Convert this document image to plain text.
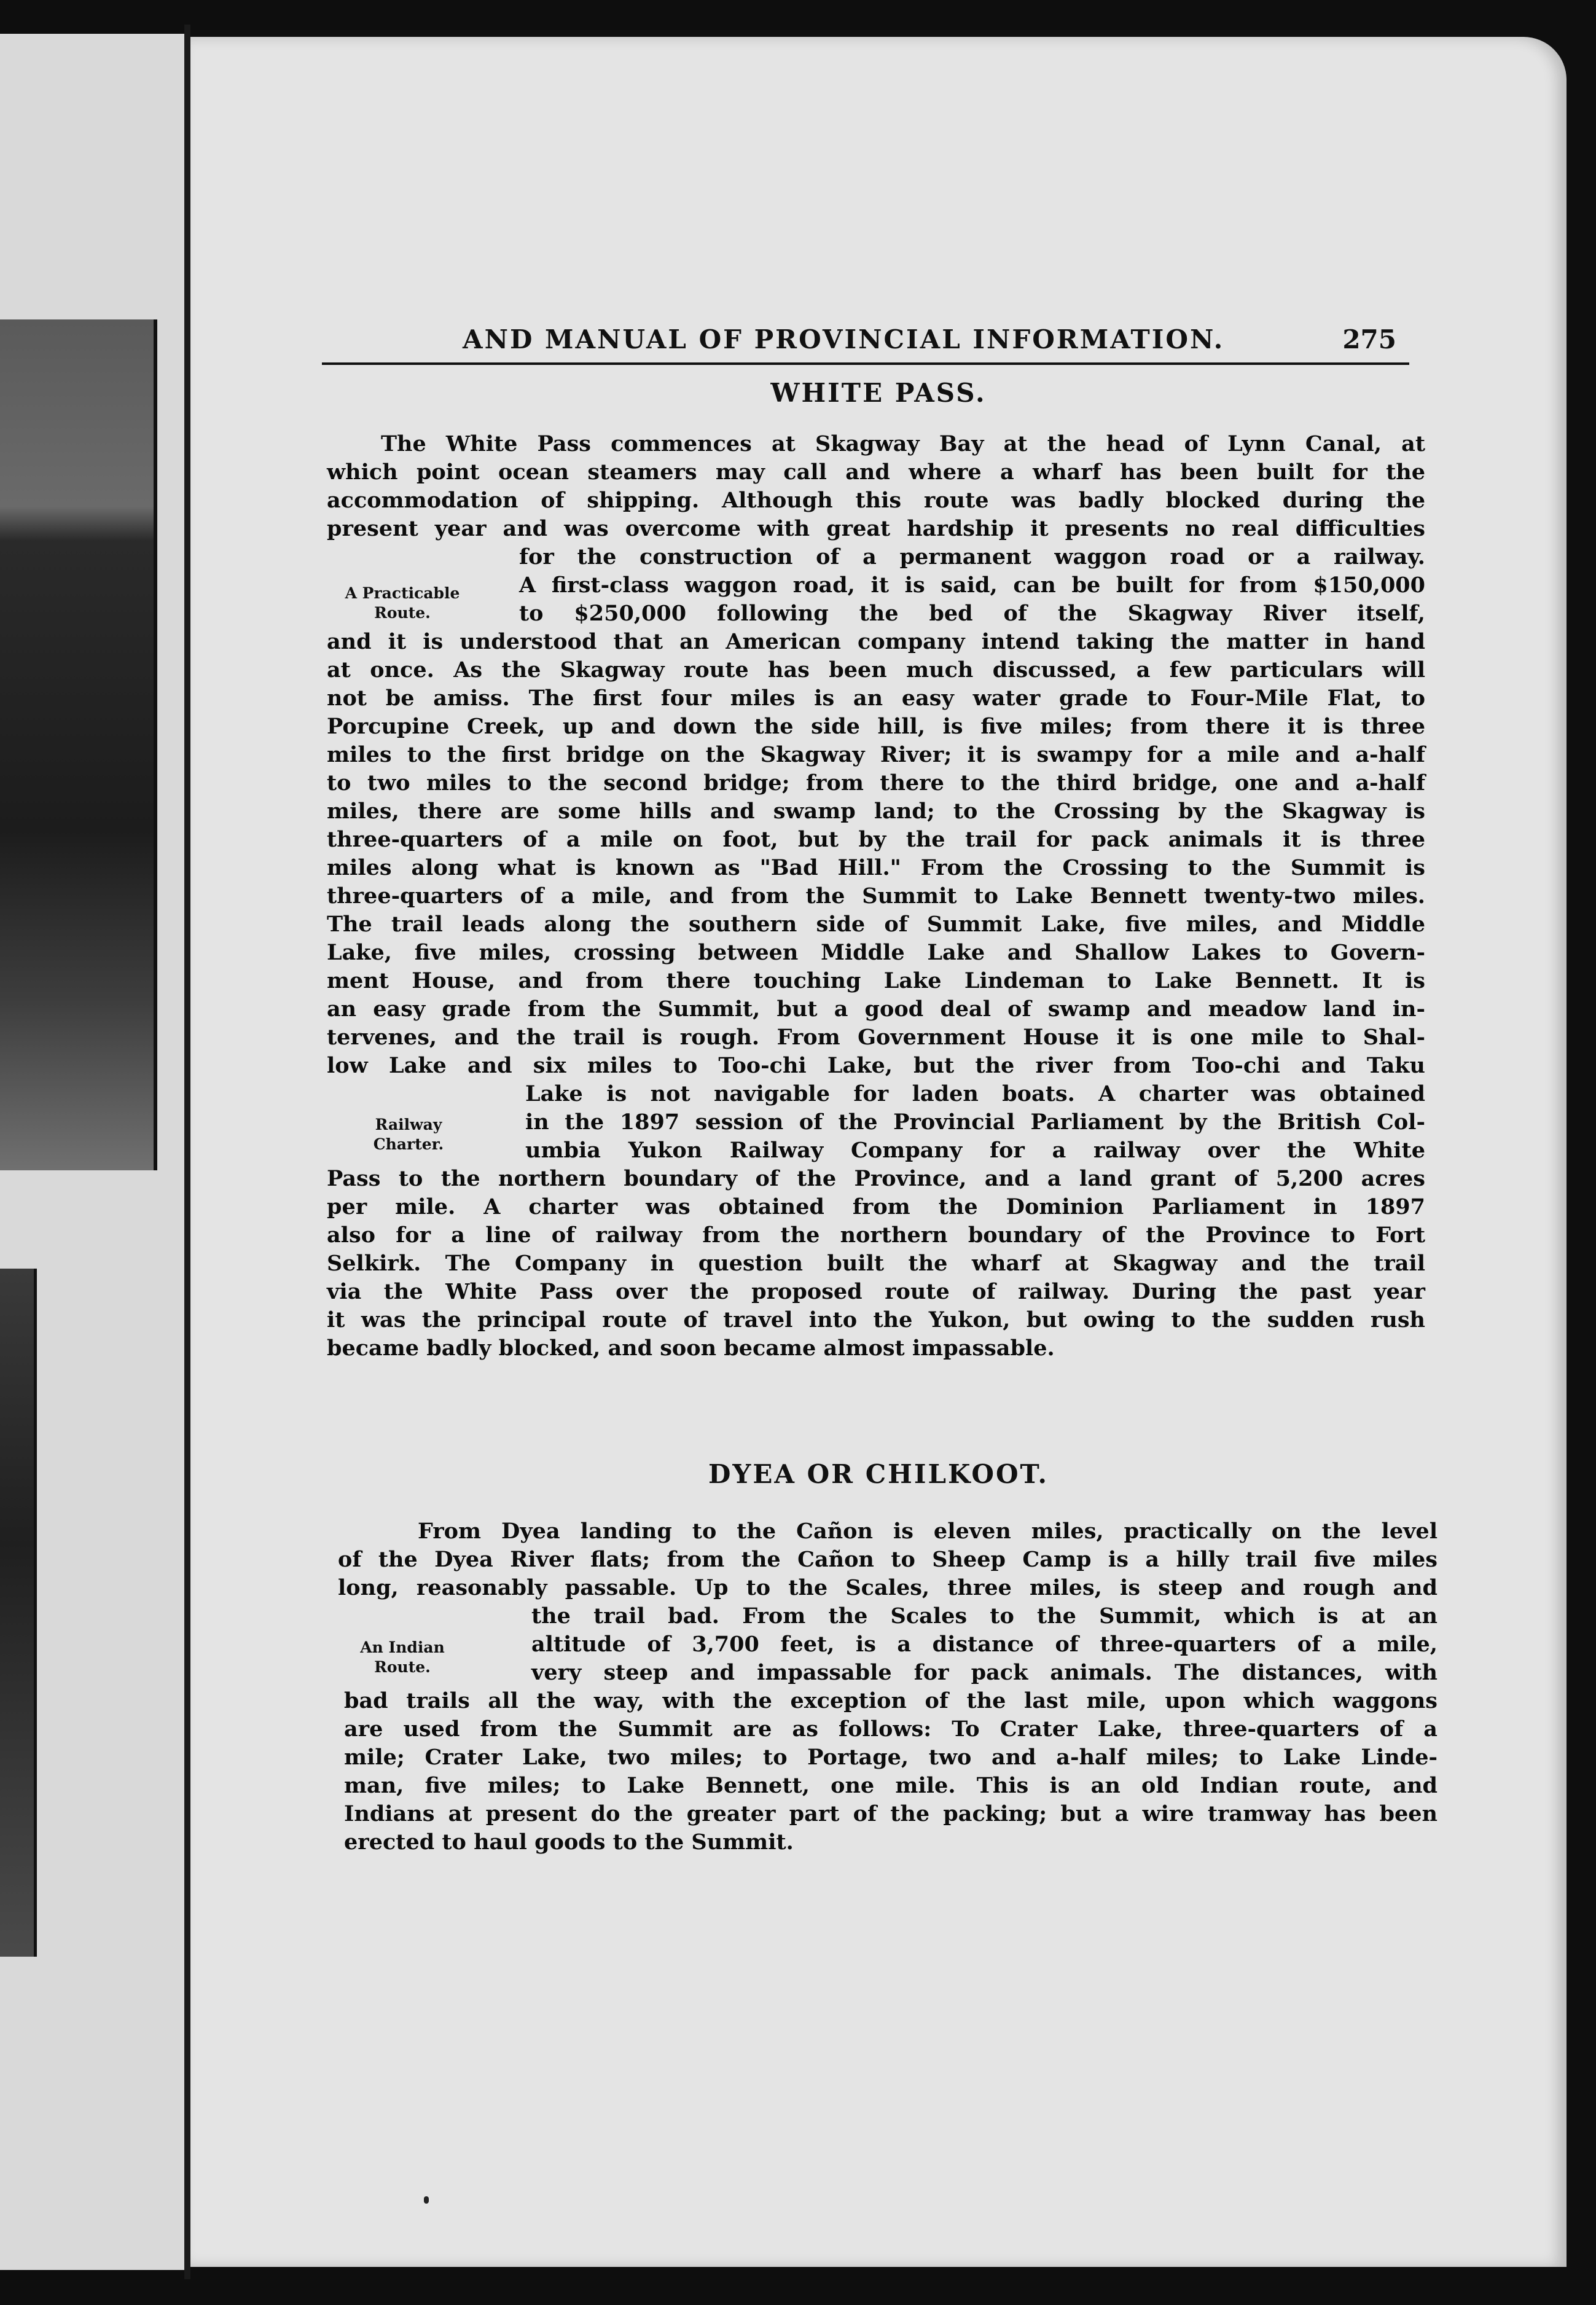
AND MANUAL OF PROVINCIAL INFORMATION.	275
WHITE PASS.
The White Pass commences at Skagway Bay at the head of Lynn Canal, at
which point ocean steamers may call and where a wharf has been built for the
accommodation of shipping. Although this route was badly blocked during the
present year and was overcome with great hardship it presents no real difficulties
for the construction of a permanent waggon road or a railway.
A first-class waggon road, it is said, can be built for from $150,000
to $250,000 following the bed of the Skagway River itself,
and it is understood that an American company intend taking the matter in hand
at once. As the Skagway route has been much discussed, a few particulars will
not be amiss. The first four miles is an easy water grade to Four-Mile Flat, to
Porcupine Creek, up and down the side hill, is five miles; from there it is three
miles to the first bridge on the Skagway River; it is swampy for a mile and a-half
to two miles to the second bridge; from there to the third bridge, one and a-half
miles, there are some hills and swamp land; to the Crossing by the Skagway is
three-quarters of a mile on foot, but by the trail for pack animals it is three
miles along what is known as "Bad Hill." From the Crossing to the Summit is
three-quarters of a mile, and from the Summit to Lake Bennett twenty-two miles.
The trail leads along the southern side of Summit Lake, five miles, and Middle
Lake, five miles, crossing between Middle Lake and Shallow Lakes to Govern-
ment House, and from there touching Lake Lindeman to Lake Bennett. It is
an easy grade from the Summit, but a good deal of swamp and meadow land in-
tervenes, and the trail is rough. From Government House it is one mile to Shal-
low Lake and six miles to Too-chi Lake, but the river from Too-chi and Taku
Lake is not navigable for laden boats. A charter was obtained
in the 1897 session of the Provincial Parliament by the British Col-
umbia Yukon Railway Company for a railway over the White
Pass to the northern boundary of the Province, and a land grant of 5,200 acres
per mile. A charter was obtained from the Dominion Parliament in 1897
also for a line of railway from the northern boundary of the Province to Fort
Selkirk. The Company in question built the wharf at Skagway and the trail
via the White Pass over the proposed route of railway. During the past year
it was the principal route of travel into the Yukon, but owing to the sudden rush
became badly blocked, and soon became almost impassable.
DYEA OR CHILKOOT.
From Dyea landing to the Cañon is eleven miles, practically on the level
of the Dyea River flats; from the Cañon to Sheep Camp is a hilly trail five miles
long, reasonably passable. Up to the Scales, three miles, is steep and rough and
the trail bad. From the Scales to the Summit, which is at an
altitude of 3,700 feet, is a distance of three-quarters of a mile,
very steep and impassable for pack animals. The distances, with
bad trails all the way, with the exception of the last mile, upon which waggons
are used from the Summit are as follows: To Crater Lake, three-quarters of a
mile; Crater Lake, two miles; to Portage, two and a-half miles; to Lake Linde-
man, five miles; to Lake Bennett, one mile. This is an old Indian route, and
Indians at present do the greater part of the packing; but a wire tramway has been
erected to haul goods to the Summit.
A Practicable
Route.
Railway
Charter.
An Indian
Route.
